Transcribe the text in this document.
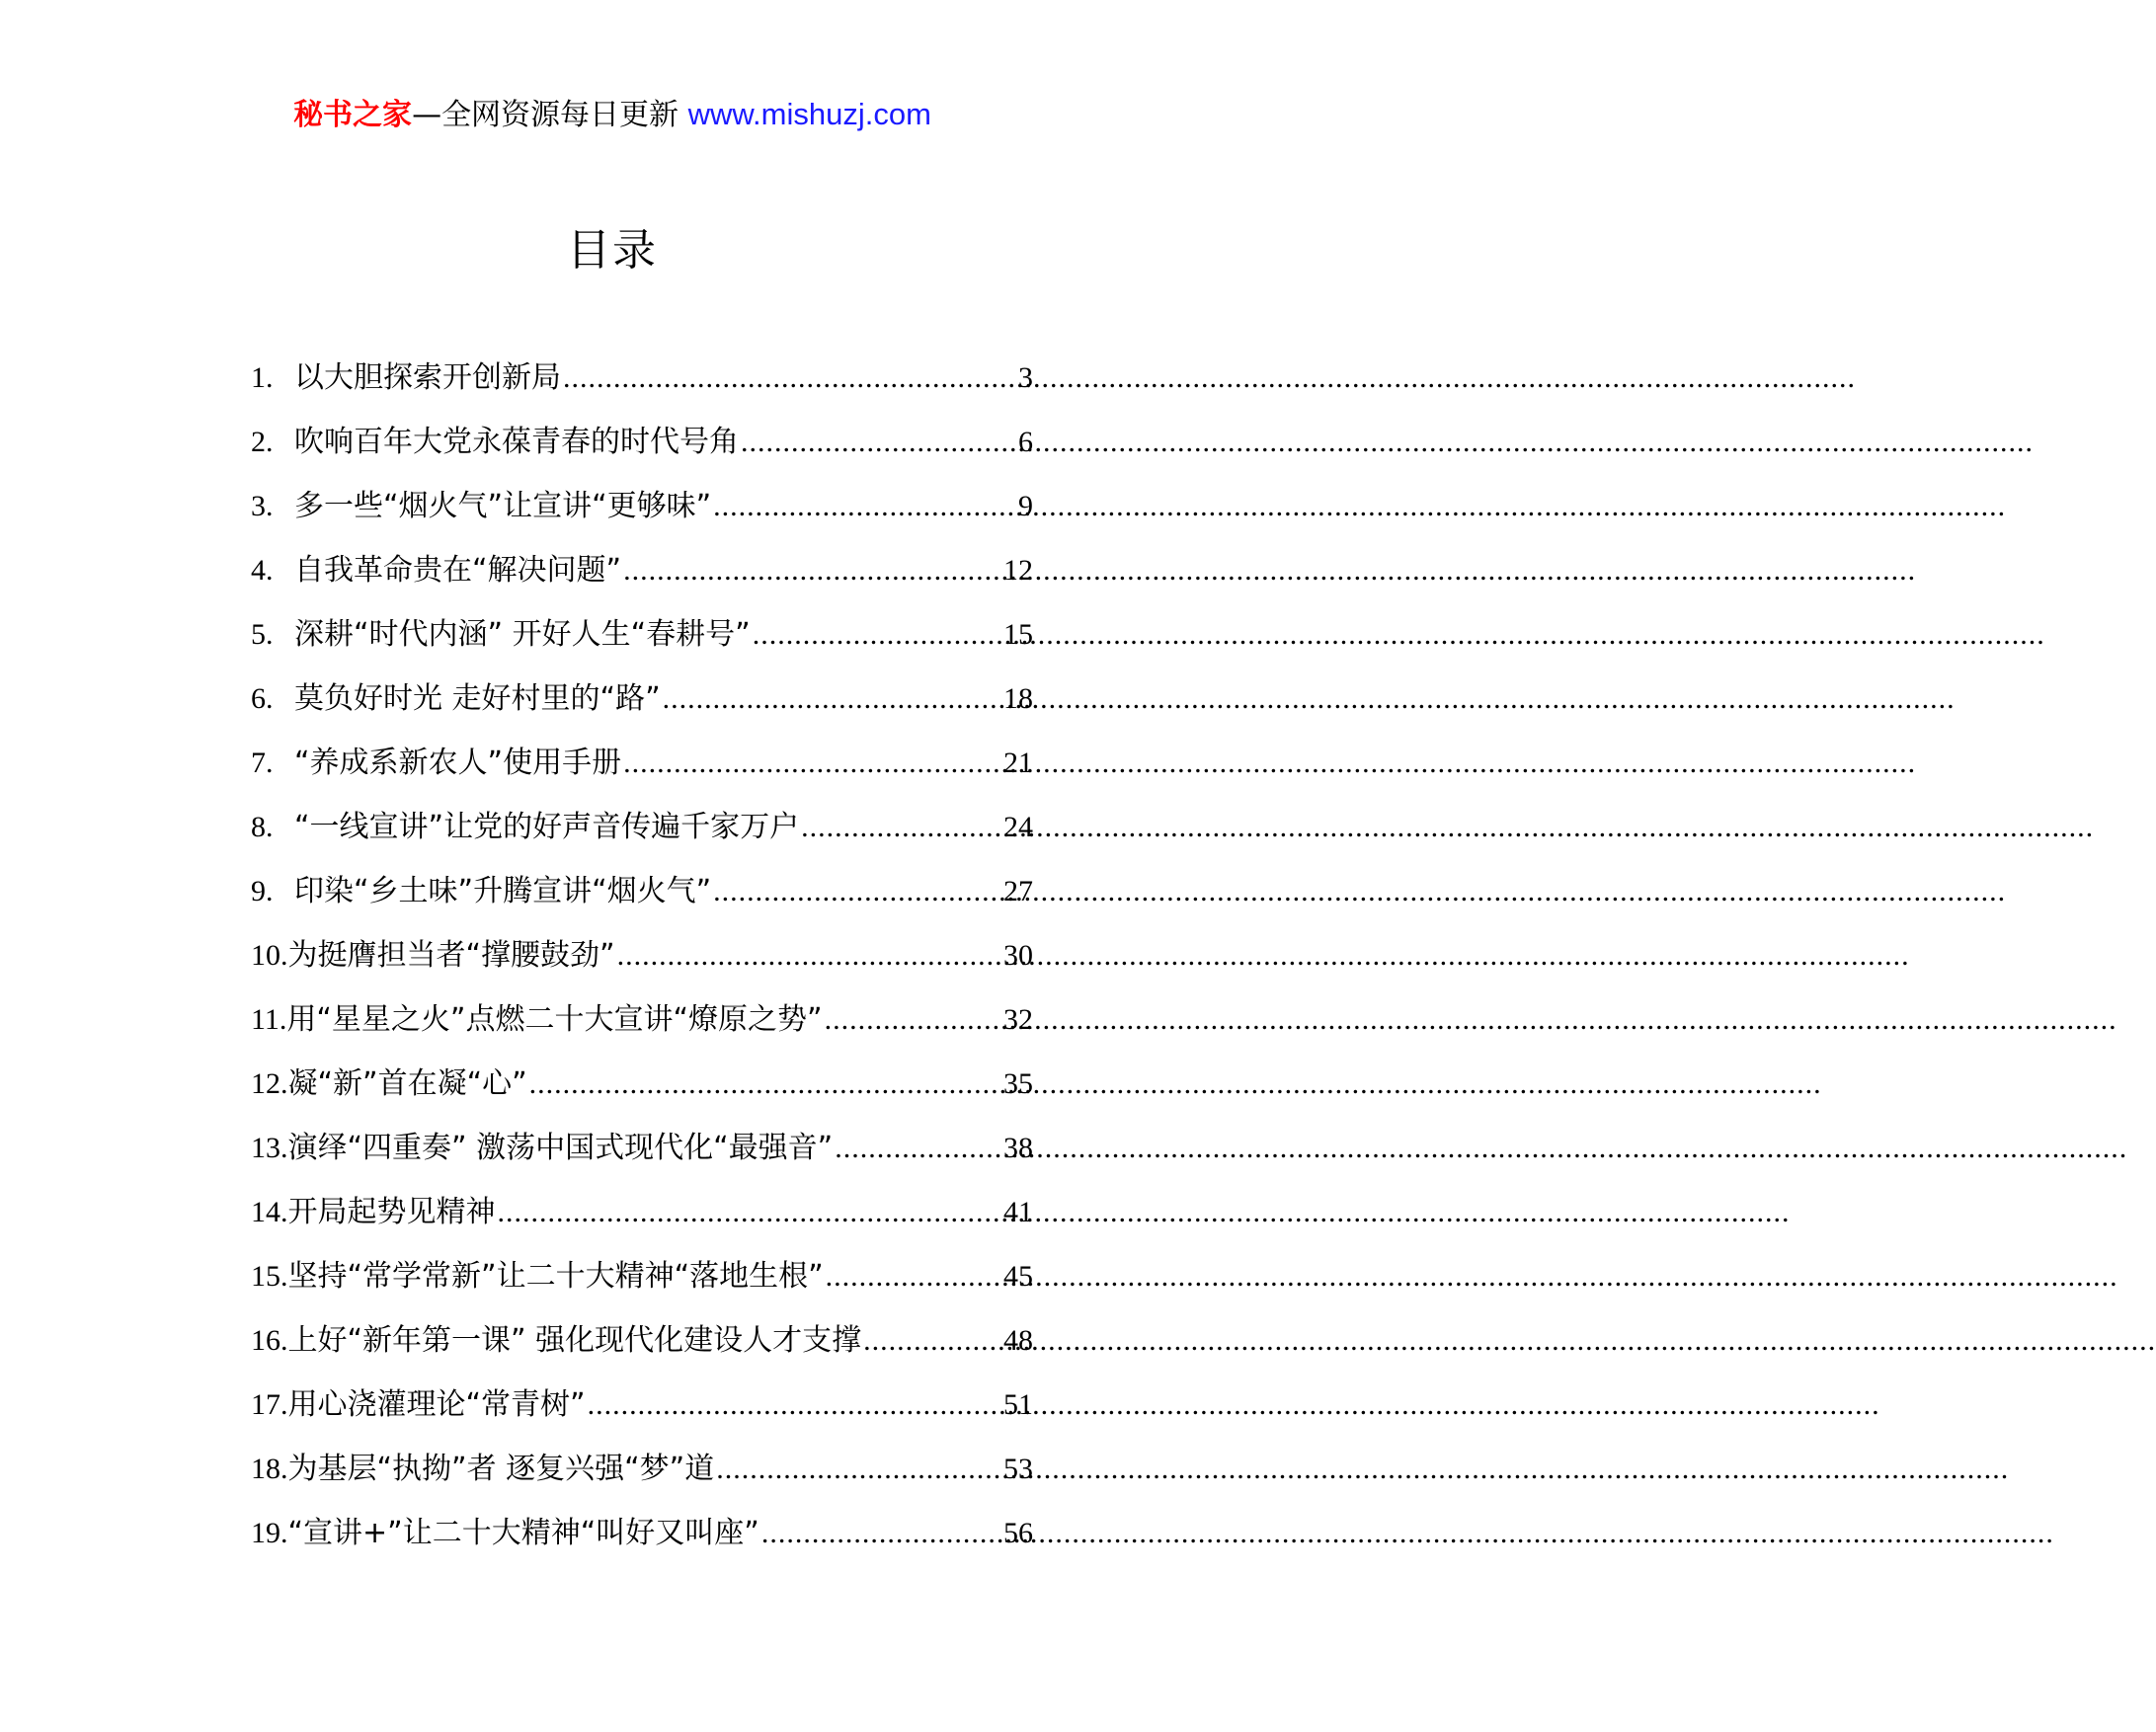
秘书之家—全网资源每日更新 www.mishuzj.com
目录
1. 以大胆探索开创新局 .....	3
2. 吹响百年大党永葆青春的时代号角 .....	6
3. 多一些“烟火气”让宣讲“更够味” .....	9
4. 自我革命贵在“解决问题” .....	12
5. 深耕“时代内涵” 开好人生“春耕号” .....	15
6. 莫负好时光 走好村里的“路” .....	18
7. “养成系新农人”使用手册 .....	21
8. “一线宣讲”让党的好声音传遍千家万户 .....	24
9. 印染“乡土味”升腾宣讲“烟火气” .....	27
10. 为挺膺担当者“撑腰鼓劲” .....	30
11. 用“星星之火”点燃二十大宣讲“燎原之势” .....	32
12. 凝“新”首在凝“心” .....	35
13. 演绎“四重奏” 激荡中国式现代化“最强音” .....	38
14. 开局起势见精神 .....	41
15. 坚持“常学常新”让二十大精神“落地生根” .....	45
16. 上好“新年第一课” 强化现代化建设人才支撑 .....	48
17. 用心浇灌理论“常青树” .....	51
18. 为基层“执拗”者 逐复兴强“梦”道 .....	53
19. “宣讲+”让二十大精神“叫好又叫座” .....	56
